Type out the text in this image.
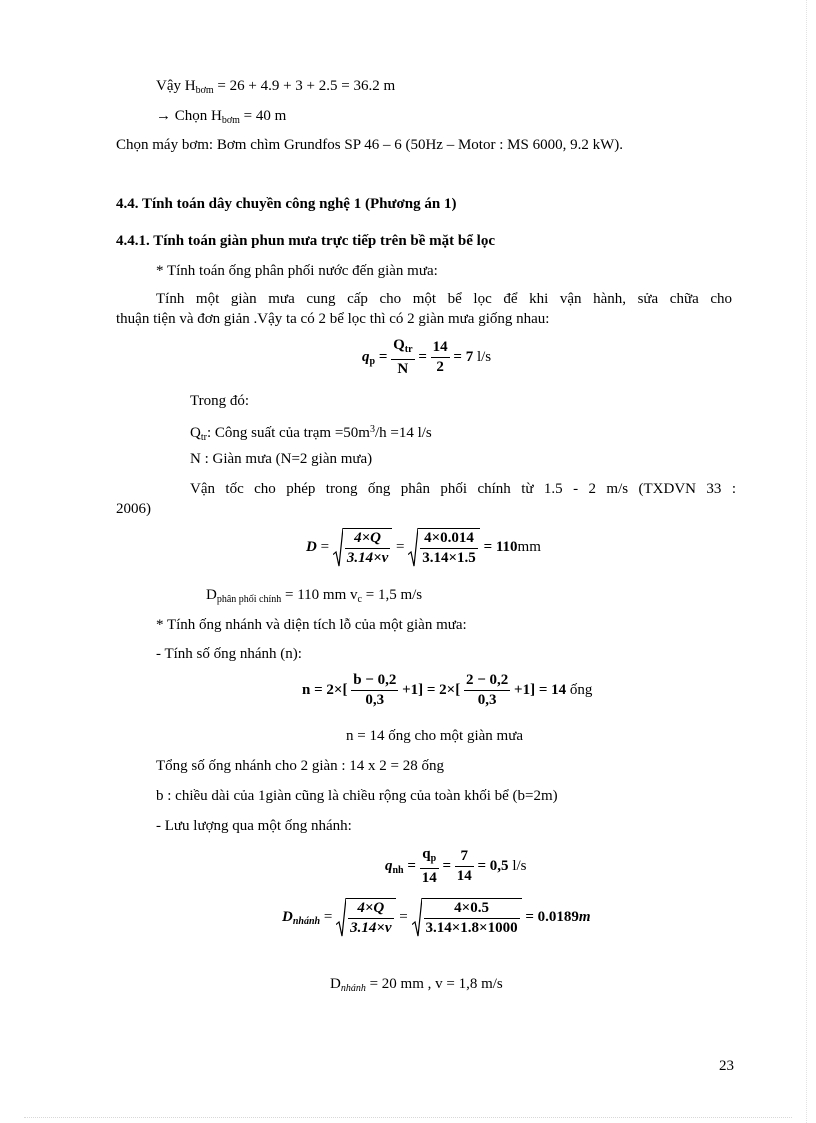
Vậy $H_{bơm} = 26 + 4.9 + 3 + 2.5 = 36.2$ m
→ Chọn $H_{bơm} = 40$ m
Chọn máy bơm: Bơm chìm Grundfos SP 46 – 6 (50Hz – Motor : MS 6000, 9.2 kW).
4.4. Tính toán dây chuyền công nghệ 1 (Phương án 1)
4.4.1. Tính toán giàn phun mưa trực tiếp trên bề mặt bể lọc
* Tính toán ống phân phối nước đến giàn mưa:
Tính một giàn mưa cung cấp cho một bể lọc để khi vận hành, sửa chữa cho
thuận tiện và đơn giản .Vậy ta có 2 bể lọc thì có 2 giàn mưa giống nhau:
$q_p = \frac{Q_{tr}}{N} = \frac{14}{2} = 7$ l/s
Trong đó:
$Q_{tr}$: Công suất của trạm $=50m^3/h =14$ l/s
N : Giàn mưa (N=2 giàn mưa)
Vận tốc cho phép trong ống phân phối chính từ 1.5 - 2 m/s (TXDVN 33 :
2006)
$D = \frac{4\times Q}{3.14\times v} = \frac{4\times 0.014}{3.14\times 1.5} = 110mm$
$D_{phân phối chính} = 110$ mm $v_c = 1,5$ m/s
* Tính ống nhánh và diện tích lỗ của một giàn mưa:
- Tính số ống nhánh (n):
$n = 2\times[ \frac{b - 0,2}{0,3} +1] = 2\times[ \frac{2 - 0,2}{0,3} +1] = 14$ ống
n = 14 ống cho một giàn mưa
Tổng số ống nhánh cho 2 giàn : 14 x 2 = 28 ống
b : chiều dài của 1giàn cũng là chiều rộng của toàn khối bể (b=2m)
- Lưu lượng qua một ống nhánh:
$q_{nh} = \frac{q_p}{14} = \frac{7}{14} = 0,5$ l/s
$D_{nhánh} = \frac{4\times Q}{3.14\times v} = \frac{4\times 0.5}{3.14\times 1.8\times 1000} = 0.0189m$
$D_{nhánh} = 20$ mm , v = 1,8 m/s
23
